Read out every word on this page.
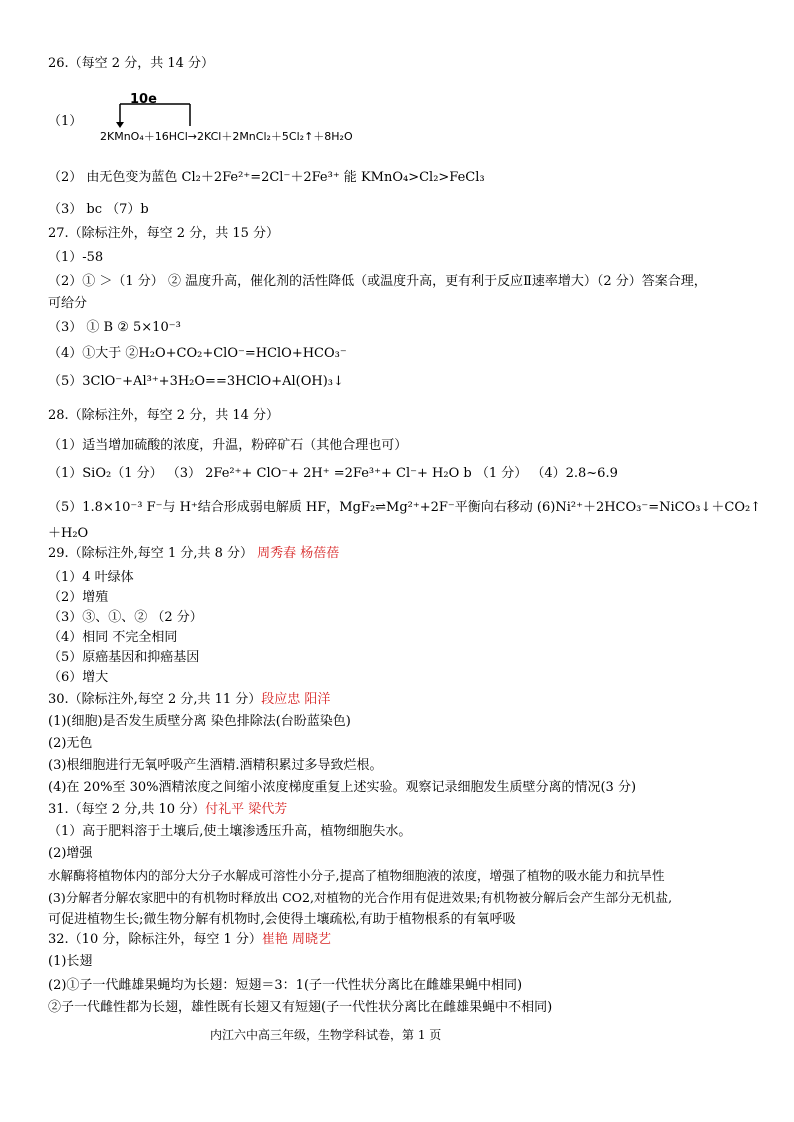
26.（每空 2 分，共 14 分）
（1）
10e
2KMnO₄＋16HCl→2KCl＋2MnCl₂＋5Cl₂↑＋8H₂O
（2） 由无色变为蓝色 Cl₂＋2Fe²⁺=2Cl⁻＋2Fe³⁺ 能 KMnO₄>Cl₂>FeCl₃
（3） bc （7）b
27.（除标注外，每空 2 分，共 15 分）
（1）-58
（2）① ＞（1 分） ② 温度升高，催化剂的活性降低（或温度升高，更有利于反应Ⅱ速率增大）（2 分）答案合理，
可给分
（3） ① B ② 5×10⁻³
（4）①大于 ②H₂O+CO₂+ClO⁻=HClO+HCO₃⁻
（5）3ClO⁻+Al³⁺+3H₂O==3HClO+Al(OH)₃↓
28.（除标注外，每空 2 分，共 14 分）
（1）适当增加硫酸的浓度，升温，粉碎矿石（其他合理也可）
（1）SiO₂（1 分） （3） 2Fe²⁺+ ClO⁻+ 2H⁺ =2Fe³⁺+ Cl⁻+ H₂O b （1 分） （4）2.8~6.9
（5）1.8×10⁻³ F⁻与 H⁺结合形成弱电解质 HF，MgF₂⇌Mg²⁺+2F⁻平衡向右移动 (6)Ni²⁺＋2HCO₃⁻=NiCO₃↓＋CO₂↑
＋H₂O
29.（除标注外,每空 1 分,共 8 分） 周秀春 杨蓓蓓
（1）4 叶绿体
（2）增殖
（3）③、①、② （2 分）
（4）相同 不完全相同
（5）原癌基因和抑癌基因
（6）增大
30.（除标注外,每空 2 分,共 11 分）段应忠 阳洋
(1)(细胞)是否发生质壁分离 染色排除法(台盼蓝染色)
(2)无色
(3)根细胞进行无氧呼吸产生酒精.酒精积累过多导致烂根。
(4)在 20%至 30%酒精浓度之间缩小浓度梯度重复上述实验。观察记录细胞发生质壁分离的情况(3 分)
31.（每空 2 分,共 10 分）付礼平 梁代芳
（1）高于肥料溶于土壤后,使土壤渗透压升高，植物细胞失水。
(2)增强
水解酶将植物体内的部分大分子水解成可溶性小分子,提高了植物细胞液的浓度，增强了植物的吸水能力和抗旱性
(3)分解者分解农家肥中的有机物时释放出 CO2,对植物的光合作用有促进效果;有机物被分解后会产生部分无机盐,
可促进植物生长;微生物分解有机物时,会使得土壤疏松,有助于植物根系的有氧呼吸
32.（10 分，除标注外，每空 1 分）崔艳 周晓艺
(1)长翅
(2)①子一代雌雄果蝇均为长翅：短翅＝3：1(子一代性状分离比在雌雄果蝇中相同)
②子一代雌性都为长翅，雄性既有长翅又有短翅(子一代性状分离比在雌雄果蝇中不相同)
内江六中高三年级，生物学科试卷，第 1 页
